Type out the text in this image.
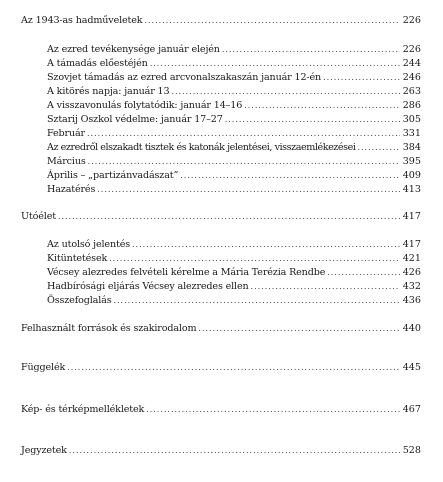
Az 1943-as hadműveletek .....	226
Az ezred tevékenysége január elején .....	226
A támadás előestéjén .....	244
Szovjet támadás az ezred arcvonalszakaszán január 12-én .....	246
A kitörés napja: január 13 .....	263
A visszavonulás folytatódik: január 14–16 .....	286
Sztarij Oszkol védelme: január 17–27 .....	305
Február .....	331
Az ezredről elszakadt tisztek és katonák jelentései, visszaemlékezései .....	384
Március .....	395
Április – „partizánvadászat” .....	409
Hazatérés .....	413
Utóélet .....	417
Az utolsó jelentés .....	417
Kitüntetések .....	421
Vécsey alezredes felvételi kérelme a Mária Terézia Rendbe .....	426
Hadbírósági eljárás Vécsey alezredes ellen .....	432
Összefoglalás .....	436
Felhasznált források és szakirodalom .....	440
Függelék .....	445
Kép- és térképmellékletek .....	467
Jegyzetek .....	528
